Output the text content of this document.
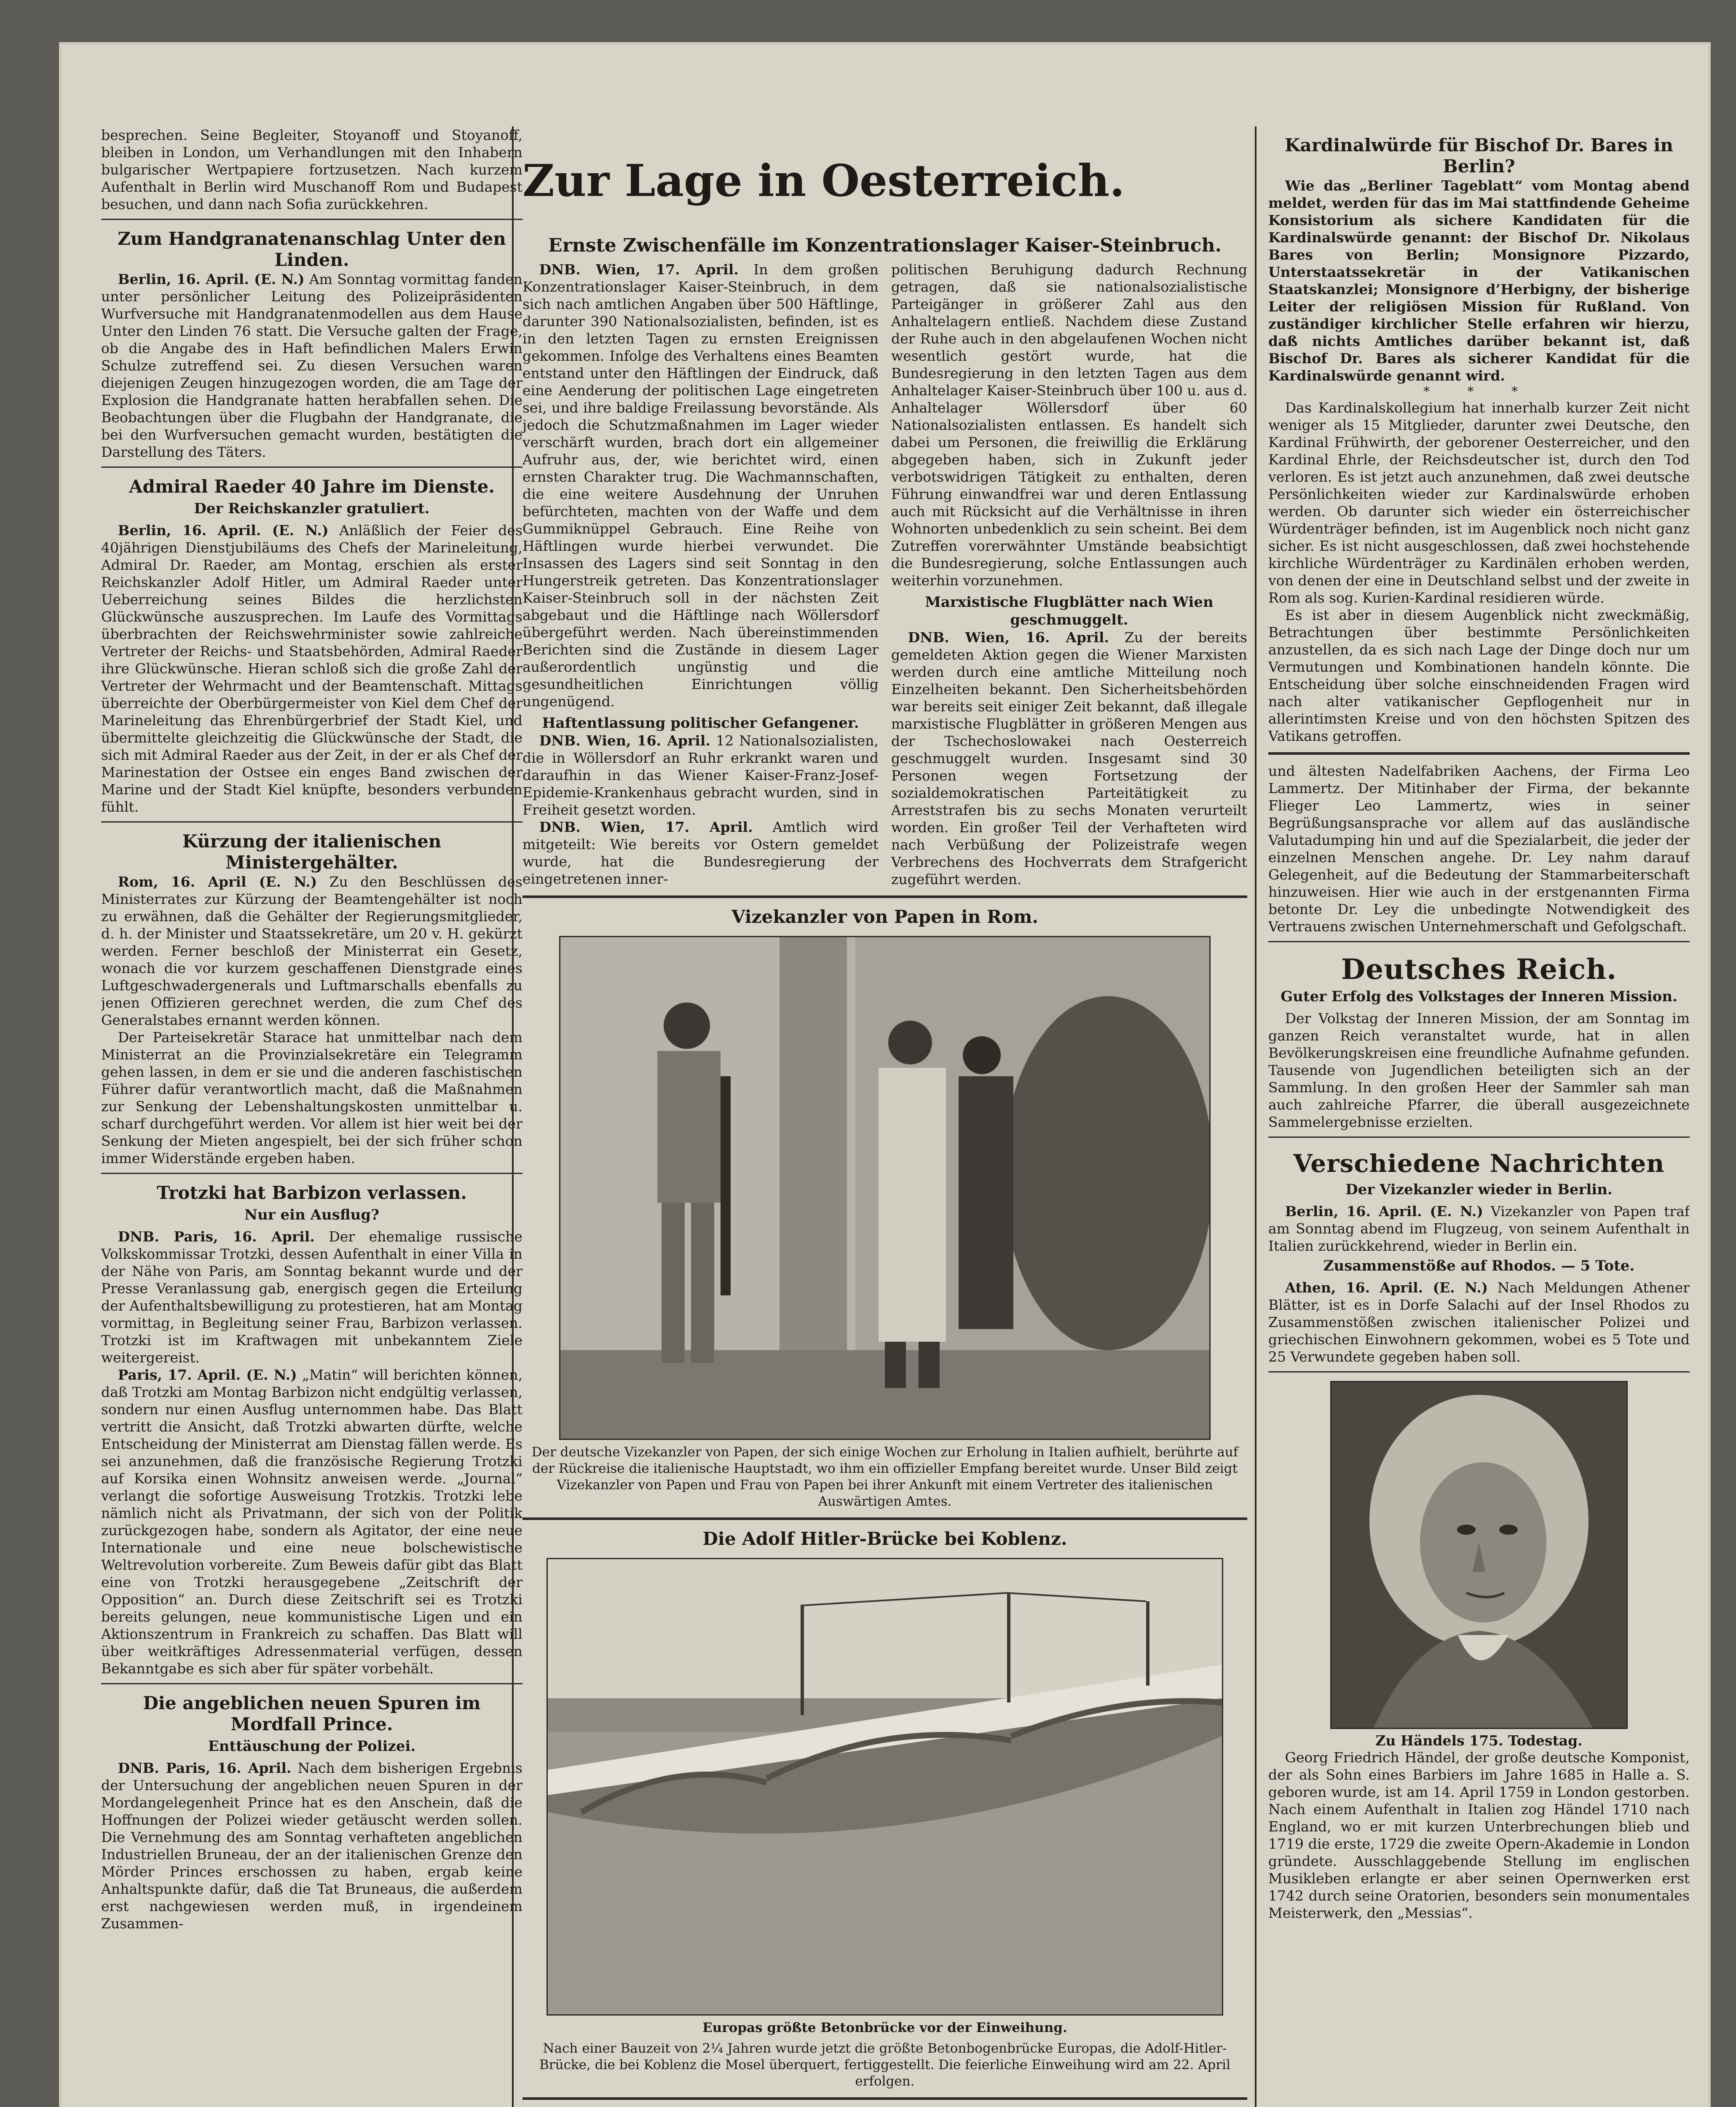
besprechen. Seine Begleiter, Stoyanoff und Stoyanoff, bleiben in London, um Verhandlungen mit den Inhabern bulgarischer Wertpapiere fortzusetzen. Nach kurzem Aufenthalt in Berlin wird Muschanoff Rom und Budapest besuchen, und dann nach Sofia zurückkehren.

Zum Handgranatenanschlag Unter den Linden.

Berlin, 16. April. (E. N.) Am Sonntag vormittag fanden unter persönlicher Leitung des Polizeipräsidenten Wurfversuche mit Handgranatenmodellen aus dem Hause Unter den Linden 76 statt. Die Versuche galten der Frage, ob die Angabe des in Haft befindlichen Malers Erwin Schulze zutreffend sei. Zu diesen Versuchen waren diejenigen Zeugen hinzugezogen worden, die am Tage der Explosion die Handgranate hatten herabfallen sehen. Die Beobachtungen über die Flugbahn der Handgranate, die bei den Wurfversuchen gemacht wurden, bestätigten die Darstellung des Täters.

Admiral Raeder 40 Jahre im Dienste.
Der Reichskanzler gratuliert.

Berlin, 16. April. (E. N.) Anläßlich der Feier des 40jährigen Dienstjubiläums des Chefs der Marineleitung, Admiral Dr. Raeder, am Montag, erschien als erster Reichskanzler Adolf Hitler, um Admiral Raeder unter Ueberreichung seines Bildes die herzlichsten Glückwünsche auszusprechen. Im Laufe des Vormittags überbrachten der Reichswehrminister sowie zahlreiche Vertreter der Reichs- und Staatsbehörden, Admiral Raeder ihre Glückwünsche. Hieran schloß sich die große Zahl der Vertreter der Wehrmacht und der Beamtenschaft. Mittags überreichte der Oberbürgermeister von Kiel dem Chef der Marineleitung das Ehrenbürgerbrief der Stadt Kiel, und übermittelte gleichzeitig die Glückwünsche der Stadt, die sich mit Admiral Raeder aus der Zeit, in der er als Chef der Marinestation der Ostsee ein enges Band zwischen der Marine und der Stadt Kiel knüpfte, besonders verbunden fühlt.

Kürzung der italienischen Ministergehälter.

Rom, 16. April (E. N.) Zu den Beschlüssen des Ministerrates zur Kürzung der Beamtengehälter ist noch zu erwähnen, daß die Gehälter der Regierungsmitglieder, d. h. der Minister und Staatssekretäre, um 20 v. H. gekürzt werden. Ferner beschloß der Ministerrat ein Gesetz, wonach die vor kurzem geschaffenen Dienstgrade eines Luftgeschwadergenerals und Luftmarschalls ebenfalls zu jenen Offizieren gerechnet werden, die zum Chef des Generalstabes ernannt werden können.

Der Parteisekretär Starace hat unmittelbar nach dem Ministerrat an die Provinzialsekretäre ein Telegramm gehen lassen, in dem er sie und die anderen faschistischen Führer dafür verantwortlich macht, daß die Maßnahmen zur Senkung der Lebenshaltungskosten unmittelbar u. scharf durchgeführt werden. Vor allem ist hier weit bei der Senkung der Mieten angespielt, bei der sich früher schon immer Widerstände ergeben haben.

Trotzki hat Barbizon verlassen.
Nur ein Ausflug?

DNB. Paris, 16. April. Der ehemalige russische Volkskommissar Trotzki, dessen Aufenthalt in einer Villa in der Nähe von Paris, am Sonntag bekannt wurde und der Presse Veranlassung gab, energisch gegen die Erteilung der Aufenthaltsbewilligung zu protestieren, hat am Montag vormittag, in Begleitung seiner Frau, Barbizon verlassen. Trotzki ist im Kraftwagen mit unbekanntem Ziele weitergereist.

Paris, 17. April. (E. N.) „Matin“ will berichten können, daß Trotzki am Montag Barbizon nicht endgültig verlassen, sondern nur einen Ausflug unternommen habe. Das Blatt vertritt die Ansicht, daß Trotzki abwarten dürfte, welche Entscheidung der Ministerrat am Dienstag fällen werde. Es sei anzunehmen, daß die französische Regierung Trotzki auf Korsika einen Wohnsitz anweisen werde. „Journal“ verlangt die sofortige Ausweisung Trotzkis. Trotzki lebe nämlich nicht als Privatmann, der sich von der Politik zurückgezogen habe, sondern als Agitator, der eine neue Internationale und eine neue bolschewistische Weltrevolution vorbereite. Zum Beweis dafür gibt das Blatt eine von Trotzki herausgegebene „Zeitschrift der Opposition“ an. Durch diese Zeitschrift sei es Trotzki bereits gelungen, neue kommunistische Ligen und ein Aktionszentrum in Frankreich zu schaffen. Das Blatt will über weitkräftiges Adressenmaterial verfügen, dessen Bekanntgabe es sich aber für später vorbehält.

Die angeblichen neuen Spuren im Mordfall Prince.
Enttäuschung der Polizei.

DNB. Paris, 16. April. Nach dem bisherigen Ergebnis der Untersuchung der angeblichen neuen Spuren in der Mordangelegenheit Prince hat es den Anschein, daß die Hoffnungen der Polizei wieder getäuscht werden sollen. Die Vernehmung des am Sonntag verhafteten angeblichen Industriellen Bruneau, der an der italienischen Grenze den Mörder Princes erschossen zu haben, ergab keine Anhaltspunkte dafür, daß die Tat Bruneaus, die außerdem erst nachgewiesen werden muß, in irgendeinem Zusammen-

Zur Lage in Oesterreich.
Ernste Zwischenfälle im Konzentrationslager Kaiser-Steinbruch.

DNB. Wien, 17. April. In dem großen Konzentrationslager Kaiser-Steinbruch, in dem sich nach amtlichen Angaben über 500 Häftlinge, darunter 390 Nationalsozialisten, befinden, ist es in den letzten Tagen zu ernsten Ereignissen gekommen. Infolge des Verhaltens eines Beamten entstand unter den Häftlingen der Eindruck, daß eine Aenderung der politischen Lage eingetreten sei, und ihre baldige Freilassung bevorstände. Als jedoch die Schutzmaßnahmen im Lager wieder verschärft wurden, brach dort ein allgemeiner Aufruhr aus, der, wie berichtet wird, einen ernsten Charakter trug. Die Wachmannschaften, die eine weitere Ausdehnung der Unruhen befürchteten, machten von der Waffe und dem Gummiknüppel Gebrauch. Eine Reihe von Häftlingen wurde hierbei verwundet. Die Insassen des Lagers sind seit Sonntag in den Hungerstreik getreten. Das Konzentrationslager Kaiser-Steinbruch soll in der nächsten Zeit abgebaut und die Häftlinge nach Wöllersdorf übergeführt werden. Nach übereinstimmenden Berichten sind die Zustände in diesem Lager außerordentlich ungünstig und die gesundheitlichen Einrichtungen völlig ungenügend.

Haftentlassung politischer Gefangener.

DNB. Wien, 16. April. 12 Nationalsozialisten, die in Wöllersdorf an Ruhr erkrankt waren und daraufhin in das Wiener Kaiser-Franz-Josef-Epidemie-Krankenhaus gebracht wurden, sind in Freiheit gesetzt worden.

DNB. Wien, 17. April. Amtlich wird mitgeteilt: Wie bereits vor Ostern gemeldet wurde, hat die Bundesregierung der eingetretenen inner-

politischen Beruhigung dadurch Rechnung getragen, daß sie nationalsozialistische Parteigänger in größerer Zahl aus den Anhaltelagern entließ. Nachdem diese Zustand der Ruhe auch in den abgelaufenen Wochen nicht wesentlich gestört wurde, hat die Bundesregierung in den letzten Tagen aus dem Anhaltelager Kaiser-Steinbruch über 100 u. aus d. Anhaltelager Wöllersdorf über 60 Nationalsozialisten entlassen. Es handelt sich dabei um Personen, die freiwillig die Erklärung abgegeben haben, sich in Zukunft jeder verbotswidrigen Tätigkeit zu enthalten, deren Führung einwandfrei war und deren Entlassung auch mit Rücksicht auf die Verhältnisse in ihren Wohnorten unbedenklich zu sein scheint. Bei dem Zutreffen vorerwähnter Umstände beabsichtigt die Bundesregierung, solche Entlassungen auch weiterhin vorzunehmen.

Marxistische Flugblätter nach Wien geschmuggelt.

DNB. Wien, 16. April. Zu der bereits gemeldeten Aktion gegen die Wiener Marxisten werden durch eine amtliche Mitteilung noch Einzelheiten bekannt. Den Sicherheitsbehörden war bereits seit einiger Zeit bekannt, daß illegale marxistische Flugblätter in größeren Mengen aus der Tschechoslowakei nach Oesterreich geschmuggelt wurden. Insgesamt sind 30 Personen wegen Fortsetzung der sozialdemokratischen Parteitätigkeit zu Arreststrafen bis zu sechs Monaten verurteilt worden. Ein großer Teil der Verhafteten wird nach Verbüßung der Polizeistrafe wegen Verbrechens des Hochverrats dem Strafgericht zugeführt werden.

Vizekanzler von Papen in Rom.
Der deutsche Vizekanzler von Papen, der sich einige Wochen zur Erholung in Italien aufhielt, berührte auf der Rückreise die italienische Hauptstadt, wo ihm ein offizieller Empfang bereitet wurde. Unser Bild zeigt Vizekanzler von Papen und Frau von Papen bei ihrer Ankunft mit einem Vertreter des italienischen Auswärtigen Amtes.
Die Adolf Hitler-Brücke bei Koblenz.
Europas größte Betonbrücke vor der Einweihung.
Nach einer Bauzeit von 2¼ Jahren wurde jetzt die größte Betonbogenbrücke Europas, die Adolf-Hitler-Brücke, die bei Koblenz die Mosel überquert, fertiggestellt. Die feierliche Einweihung wird am 22. April erfolgen.

Kardinalwürde für Bischof Dr. Bares in Berlin?

Wie das „Berliner Tageblatt“ vom Montag abend meldet, werden für das im Mai stattfindende Geheime Konsistorium als sichere Kandidaten für die Kardinalswürde genannt: der Bischof Dr. Nikolaus Bares von Berlin; Monsignore Pizzardo, Unterstaatssekretär in der Vatikanischen Staatskanzlei; Monsignore d’Herbigny, der bisherige Leiter der religiösen Mission für Rußland. Von zuständiger kirchlicher Stelle erfahren wir hierzu, daß nichts Amtliches darüber bekannt ist, daß Bischof Dr. Bares als sicherer Kandidat für die Kardinalswürde genannt wird.

* * *

Das Kardinalskollegium hat innerhalb kurzer Zeit nicht weniger als 15 Mitglieder, darunter zwei Deutsche, den Kardinal Frühwirth, der geborener Oesterreicher, und den Kardinal Ehrle, der Reichsdeutscher ist, durch den Tod verloren. Es ist jetzt auch anzunehmen, daß zwei deutsche Persönlichkeiten wieder zur Kardinalswürde erhoben werden. Ob darunter sich wieder ein österreichischer Würdenträger befinden, ist im Augenblick noch nicht ganz sicher. Es ist nicht ausgeschlossen, daß zwei hochstehende kirchliche Würdenträger zu Kardinälen erhoben werden, von denen der eine in Deutschland selbst und der zweite in Rom als sog. Kurien-Kardinal residieren würde.

Es ist aber in diesem Augenblick nicht zweckmäßig, Betrachtungen über bestimmte Persönlichkeiten anzustellen, da es sich nach Lage der Dinge doch nur um Vermutungen und Kombinationen handeln könnte. Die Entscheidung über solche einschneidenden Fragen wird nach alter vatikanischer Gepflogenheit nur in allerintimsten Kreise und von den höchsten Spitzen des Vatikans getroffen.

und ältesten Nadelfabriken Aachens, der Firma Leo Lammertz. Der Mitinhaber der Firma, der bekannte Flieger Leo Lammertz, wies in seiner Begrüßungsansprache vor allem auf das ausländische Valutadumping hin und auf die Spezialarbeit, die jeder der einzelnen Menschen angehe. Dr. Ley nahm darauf Gelegenheit, auf die Bedeutung der Stammarbeiterschaft hinzuweisen. Hier wie auch in der erstgenannten Firma betonte Dr. Ley die unbedingte Notwendigkeit des Vertrauens zwischen Unternehmerschaft und Gefolgschaft.

Deutsches Reich.
Guter Erfolg des Volkstages der Inneren Mission.

Der Volkstag der Inneren Mission, der am Sonntag im ganzen Reich veranstaltet wurde, hat in allen Bevölkerungskreisen eine freundliche Aufnahme gefunden. Tausende von Jugendlichen beteiligten sich an der Sammlung. In den großen Heer der Sammler sah man auch zahlreiche Pfarrer, die überall ausgezeichnete Sammelergebnisse erzielten.

Verschiedene Nachrichten
Der Vizekanzler wieder in Berlin.

Berlin, 16. April. (E. N.) Vizekanzler von Papen traf am Sonntag abend im Flugzeug, von seinem Aufenthalt in Italien zurückkehrend, wieder in Berlin ein.

Zusammenstöße auf Rhodos. — 5 Tote.

Athen, 16. April. (E. N.) Nach Meldungen Athener Blätter, ist es in Dorfe Salachi auf der Insel Rhodos zu Zusammenstößen zwischen italienischer Polizei und griechischen Einwohnern gekommen, wobei es 5 Tote und 25 Verwundete gegeben haben soll.

Zu Händels 175. Todestag.

Georg Friedrich Händel, der große deutsche Komponist, der als Sohn eines Barbiers im Jahre 1685 in Halle a. S. geboren wurde, ist am 14. April 1759 in London gestorben. Nach einem Aufenthalt in Italien zog Händel 1710 nach England, wo er mit kurzen Unterbrechungen blieb und 1719 die erste, 1729 die zweite Opern-Akademie in London gründete. Ausschlaggebende Stellung im englischen Musikleben erlangte er aber seinen Opernwerken erst 1742 durch seine Oratorien, besonders sein monumentales Meisterwerk, den „Messias“.
